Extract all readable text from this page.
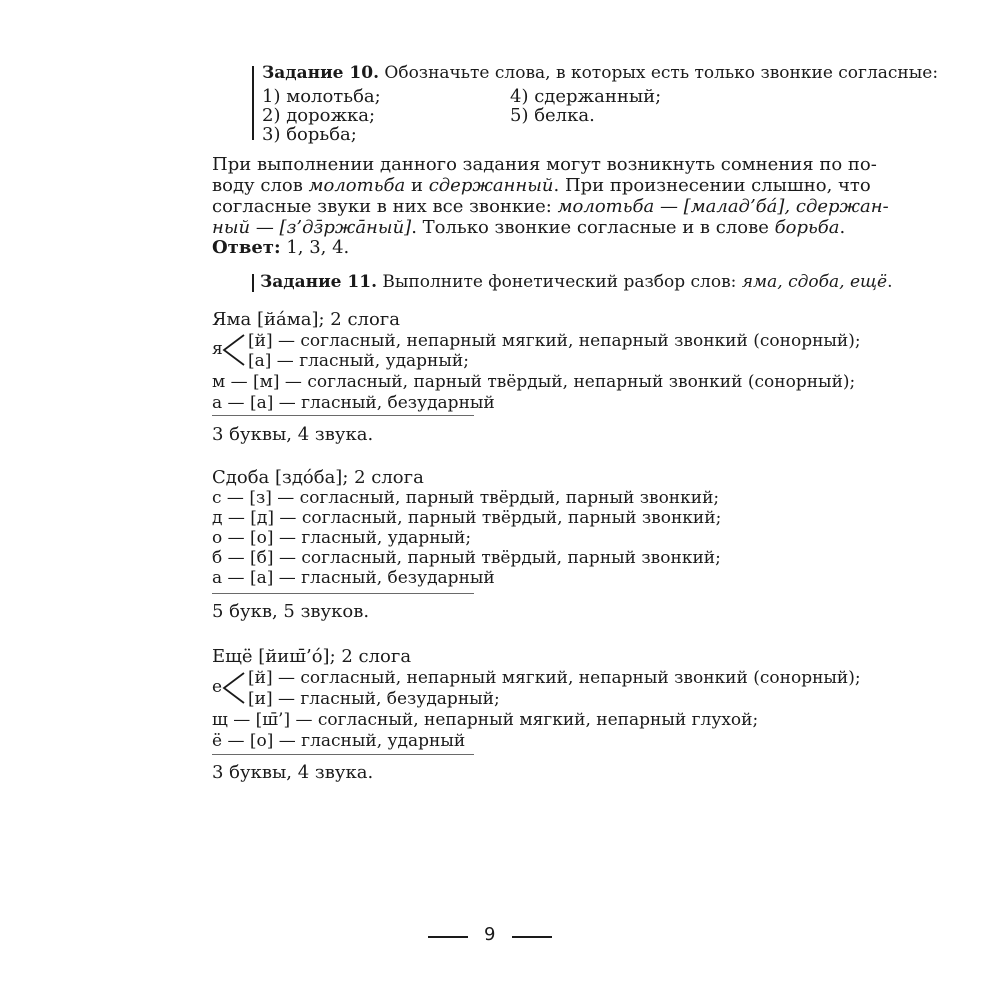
Задание 10. Обозначьте слова, в которых есть только звонкие согласные:
1) молотьба;
2) дорожка;
3) борьба;
4) сдержанный;
5) белка.
При выполнении данного задания могут возникнуть сомнения по по-
воду слов молотьба и сдержанный. При произнесении слышно, что
согласные звуки в них все звонкие: молотьба — [малад’бá], сдержан-
ный — [з’дз̄ржа̄ный]. Только звонкие согласные и в слове борьба.
Ответ: 1, 3, 4.
Задание 11. Выполните фонетический разбор слов: яма, сдоба, ещё.
Яма [йáма]; 2 слога
я [й] — согласный, непарный мягкий, непарный звонкий (сонорный);
[а] — гласный, ударный;
м — [м] — согласный, парный твёрдый, непарный звонкий (сонорный);
а — [а] — гласный, безударный
3 буквы, 4 звука.
Сдоба [здóба]; 2 слога
с — [з] — согласный, парный твёрдый, парный звонкий;
д — [д] — согласный, парный твёрдый, парный звонкий;
о — [о] — гласный, ударный;
б — [б] — согласный, парный твёрдый, парный звонкий;
а — [а] — гласный, безударный
5 букв, 5 звуков.
Ещё [йиш̄’ó]; 2 слога
е [й] — согласный, непарный мягкий, непарный звонкий (сонорный);
[и] — гласный, безударный;
щ — [ш̄’] — согласный, непарный мягкий, непарный глухой;
ё — [о] — гласный, ударный
3 буквы, 4 звука.
9
